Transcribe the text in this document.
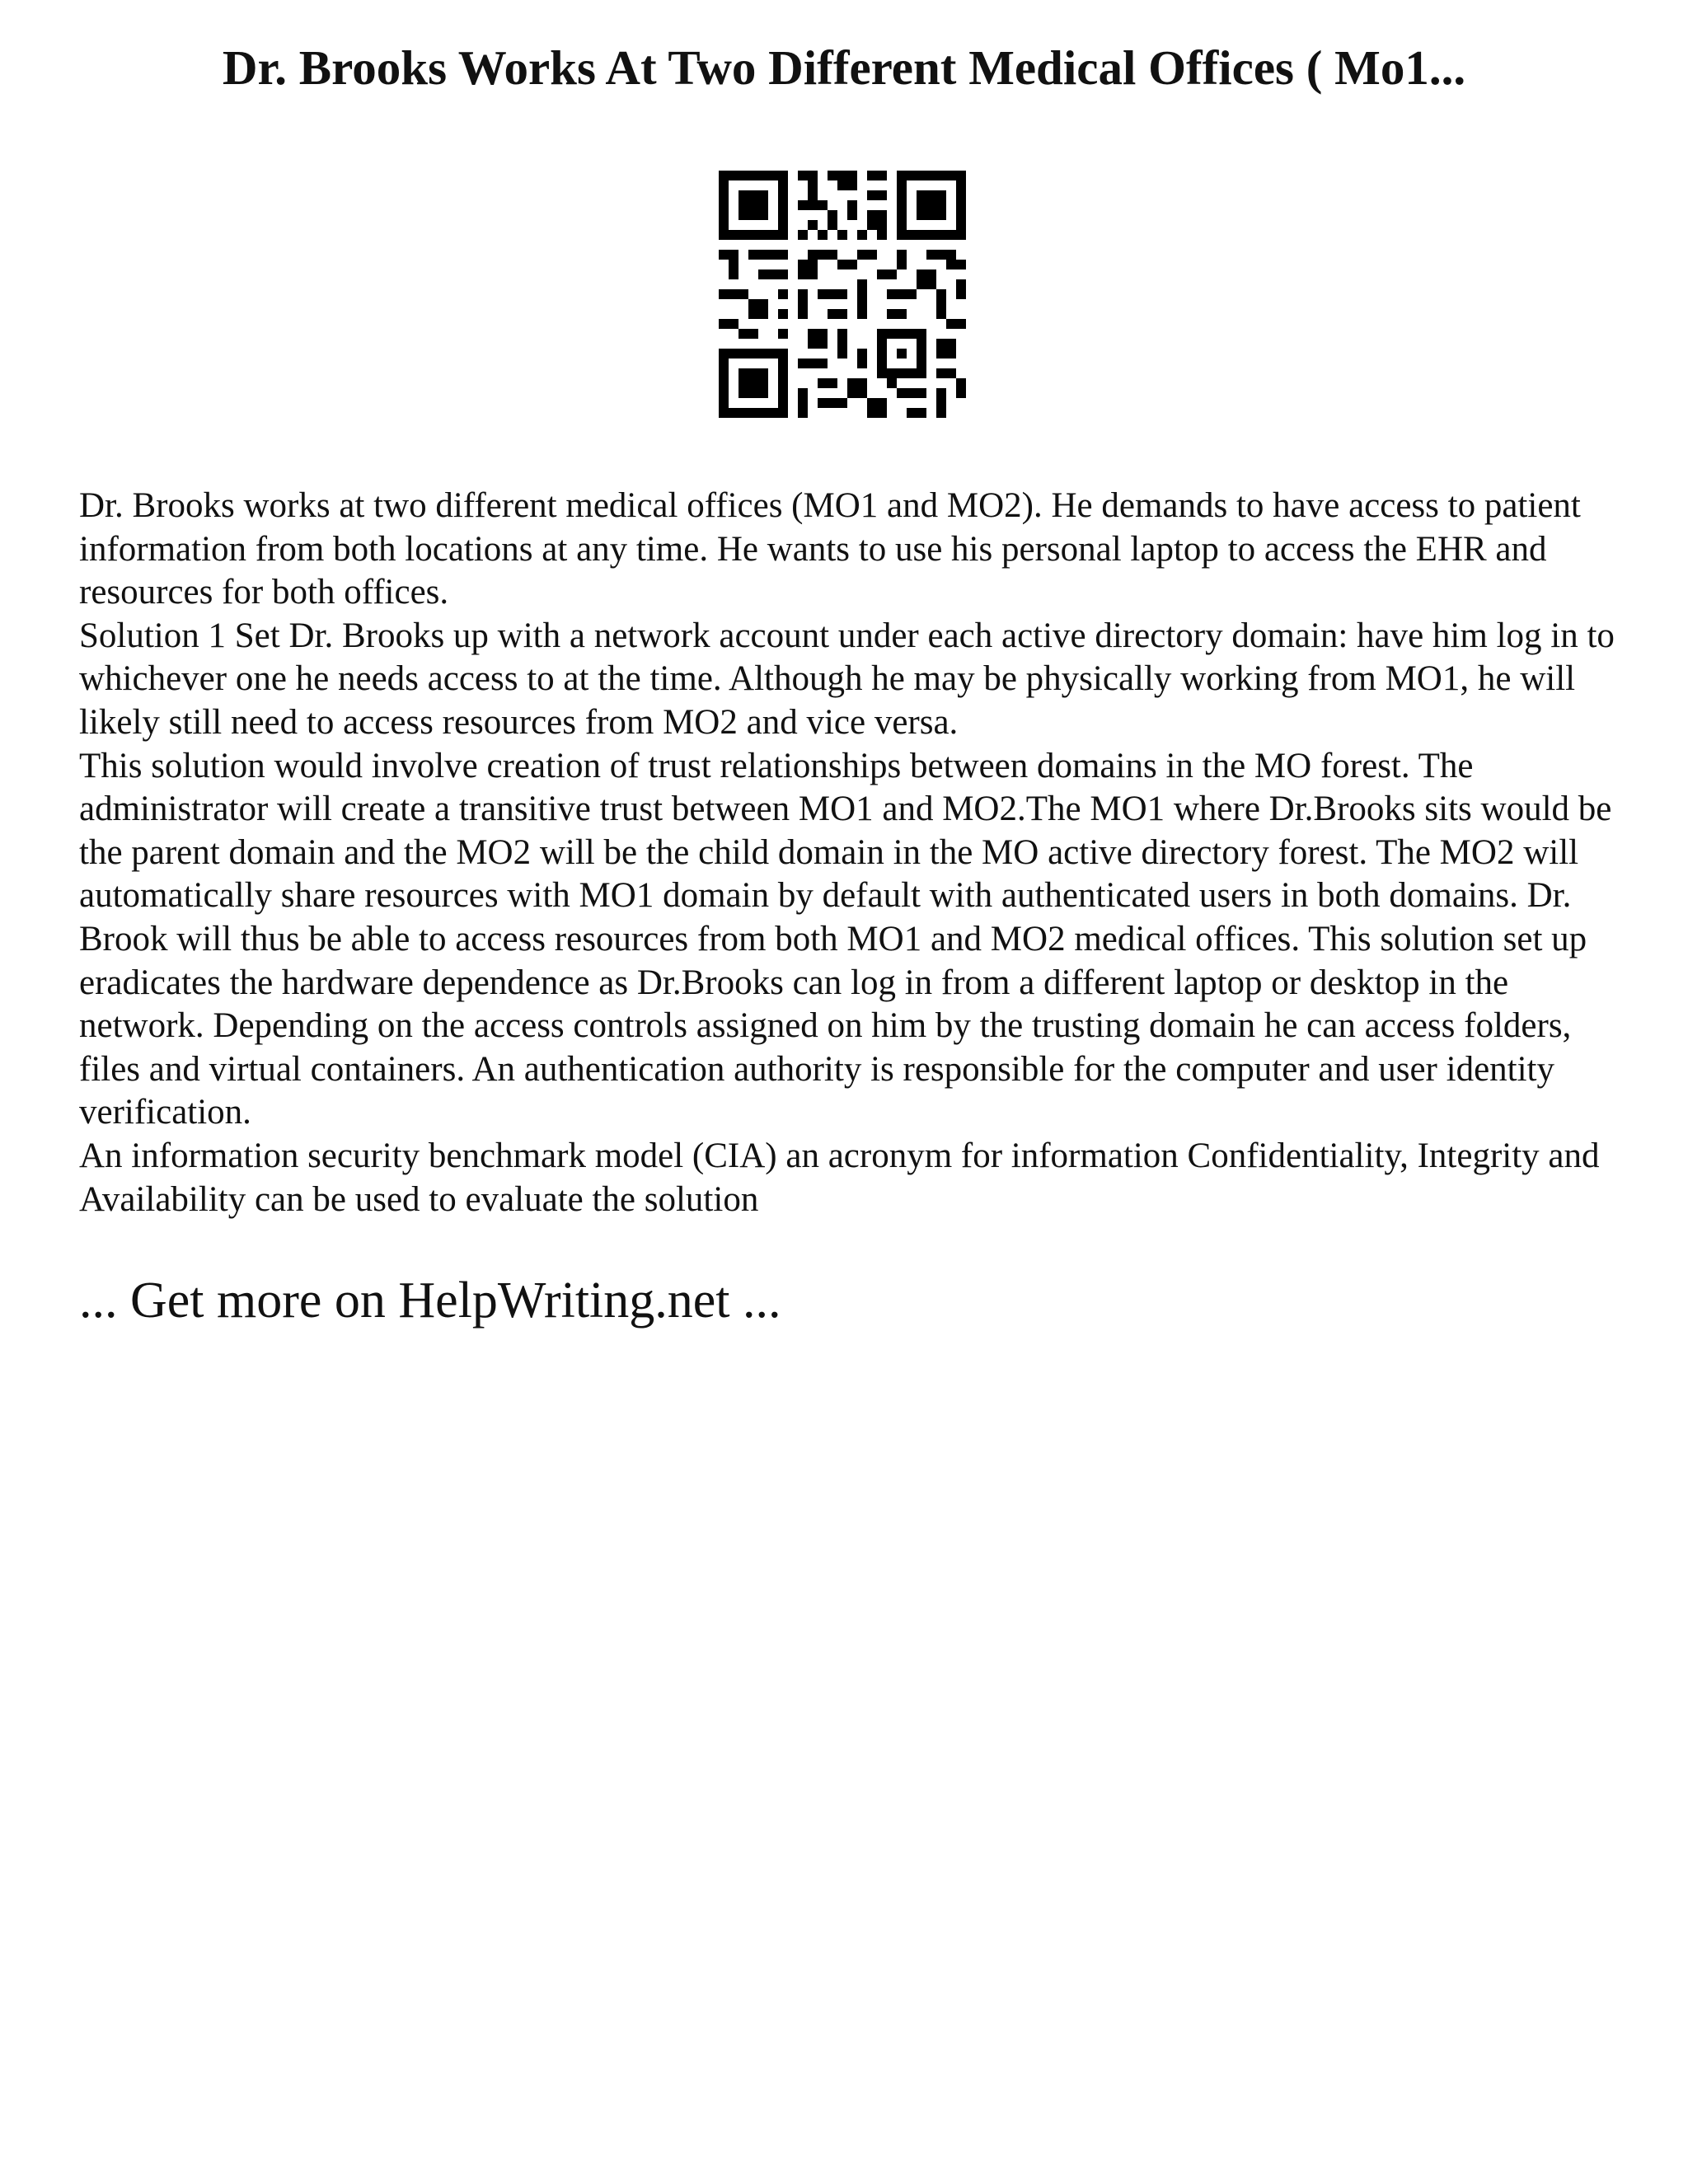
Dr. Brooks Works At Two Different Medical Offices ( Mo1...

Dr. Brooks works at two different medical offices (MO1 and MO2). He demands to have access to patient information from both locations at any time. He wants to use his personal laptop to access the EHR and resources for both offices.

Solution 1 Set Dr. Brooks up with a network account under each active directory domain: have him log in to whichever one he needs access to at the time. Although he may be physically working from MO1, he will likely still need to access resources from MO2 and vice versa.

This solution would involve creation of trust relationships between domains in the MO forest. The administrator will create a transitive trust between MO1 and MO2.The MO1 where Dr.Brooks sits would be the parent domain and the MO2 will be the child domain in the MO active directory forest. The MO2 will automatically share resources with MO1 domain by default with authenticated users in both domains. Dr. Brook will thus be able to access resources from both MO1 and MO2 medical offices. This solution set up eradicates the hardware dependence as Dr.Brooks can log in from a different laptop or desktop in the network. Depending on the access controls assigned on him by the trusting domain he can access folders, files and virtual containers. An authentication authority is responsible for the computer and user identity verification.

An information security benchmark model (CIA) an acronym for information Confidentiality, Integrity and Availability can be used to evaluate the solution

... Get more on HelpWriting.net ...
